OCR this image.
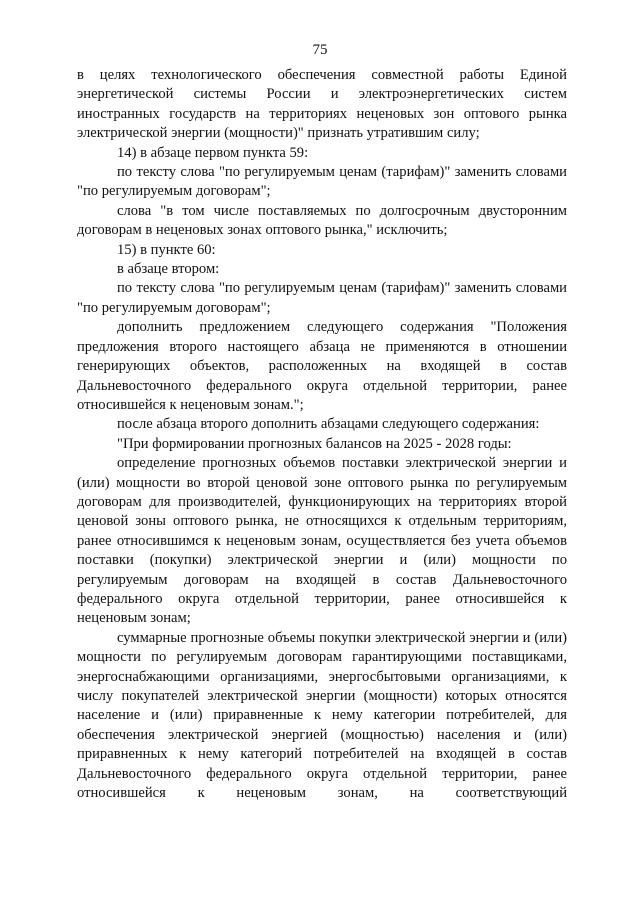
75

в целях технологического обеспечения совместной работы Единой энергетической системы России и электроэнергетических систем иностранных государств на территориях неценовых зон оптового рынка электрической энергии (мощности)" признать утратившим силу;

14) в абзаце первом пункта 59:

по тексту слова "по регулируемым ценам (тарифам)" заменить словами "по регулируемым договорам";

слова "в том числе поставляемых по долгосрочным двусторонним договорам в неценовых зонах оптового рынка," исключить;

15) в пункте 60:

в абзаце втором:

по тексту слова "по регулируемым ценам (тарифам)" заменить словами "по регулируемым договорам";

дополнить предложением следующего содержания "Положения предложения второго настоящего абзаца не применяются в отношении генерирующих объектов, расположенных на входящей в состав Дальневосточного федерального округа отдельной территории, ранее относившейся к неценовым зонам.";

после абзаца второго дополнить абзацами следующего содержания:

"При формировании прогнозных балансов на 2025 - 2028 годы:

определение прогнозных объемов поставки электрической энергии и (или) мощности во второй ценовой зоне оптового рынка по регулируемым договорам для производителей, функционирующих на территориях второй ценовой зоны оптового рынка, не относящихся к отдельным территориям, ранее относившимся к неценовым зонам, осуществляется без учета объемов поставки (покупки) электрической энергии и (или) мощности по регулируемым договорам на входящей в состав Дальневосточного федерального округа отдельной территории, ранее относившейся к неценовым зонам;

суммарные прогнозные объемы покупки электрической энергии и (или) мощности по регулируемым договорам гарантирующими поставщиками, энергоснабжающими организациями, энергосбытовыми организациями, к числу покупателей электрической энергии (мощности) которых относятся население и (или) приравненные к нему категории потребителей, для обеспечения электрической энергией (мощностью) населения и (или) приравненных к нему категорий потребителей на входящей в состав Дальневосточного федерального округа отдельной территории, ранее относившейся к неценовым зонам, на соответствующий
